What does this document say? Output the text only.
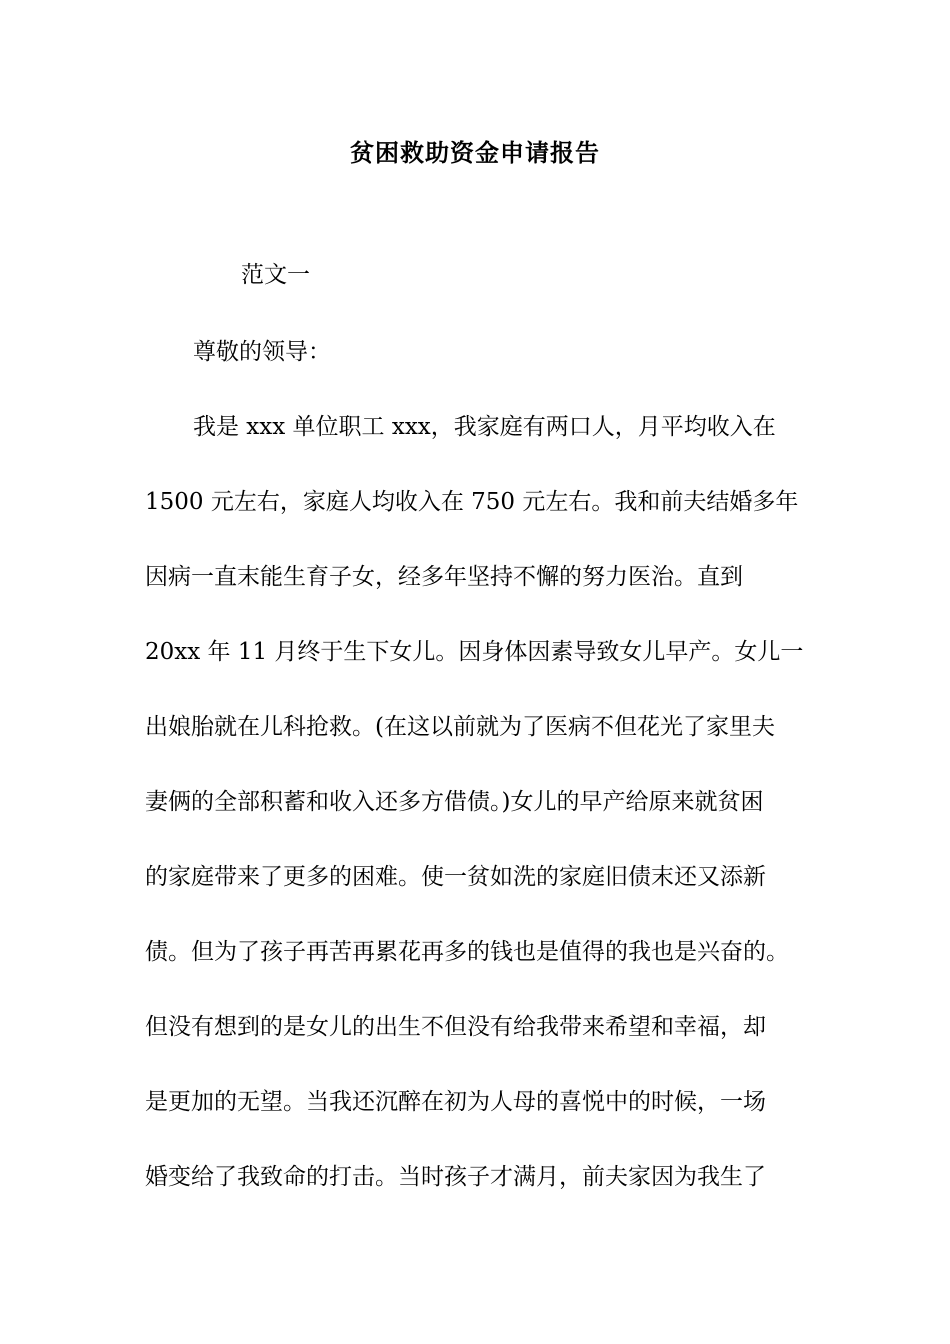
贫困救助资金申请报告
范文一
尊敬的领导：
我是 xxx 单位职工 xxx，我家庭有两口人，月平均收入在
1500 元左右，家庭人均收入在 750 元左右。我和前夫结婚多年
因病一直末能生育子女，经多年坚持不懈的努力医治。直到
20xx 年 11 月终于生下女儿。因身体因素导致女儿早产。女儿一
出娘胎就在儿科抢救。(在这以前就为了医病不但花光了家里夫
妻俩的全部积蓄和收入还多方借债。)女儿的早产给原来就贫困
的家庭带来了更多的困难。使一贫如洗的家庭旧债末还又添新
债。但为了孩子再苦再累花再多的钱也是值得的我也是兴奋的。
但没有想到的是女儿的出生不但没有给我带来希望和幸福，却
是更加的无望。当我还沉醉在初为人母的喜悦中的时候，一场
婚变给了我致命的打击。当时孩子才满月，前夫家因为我生了
